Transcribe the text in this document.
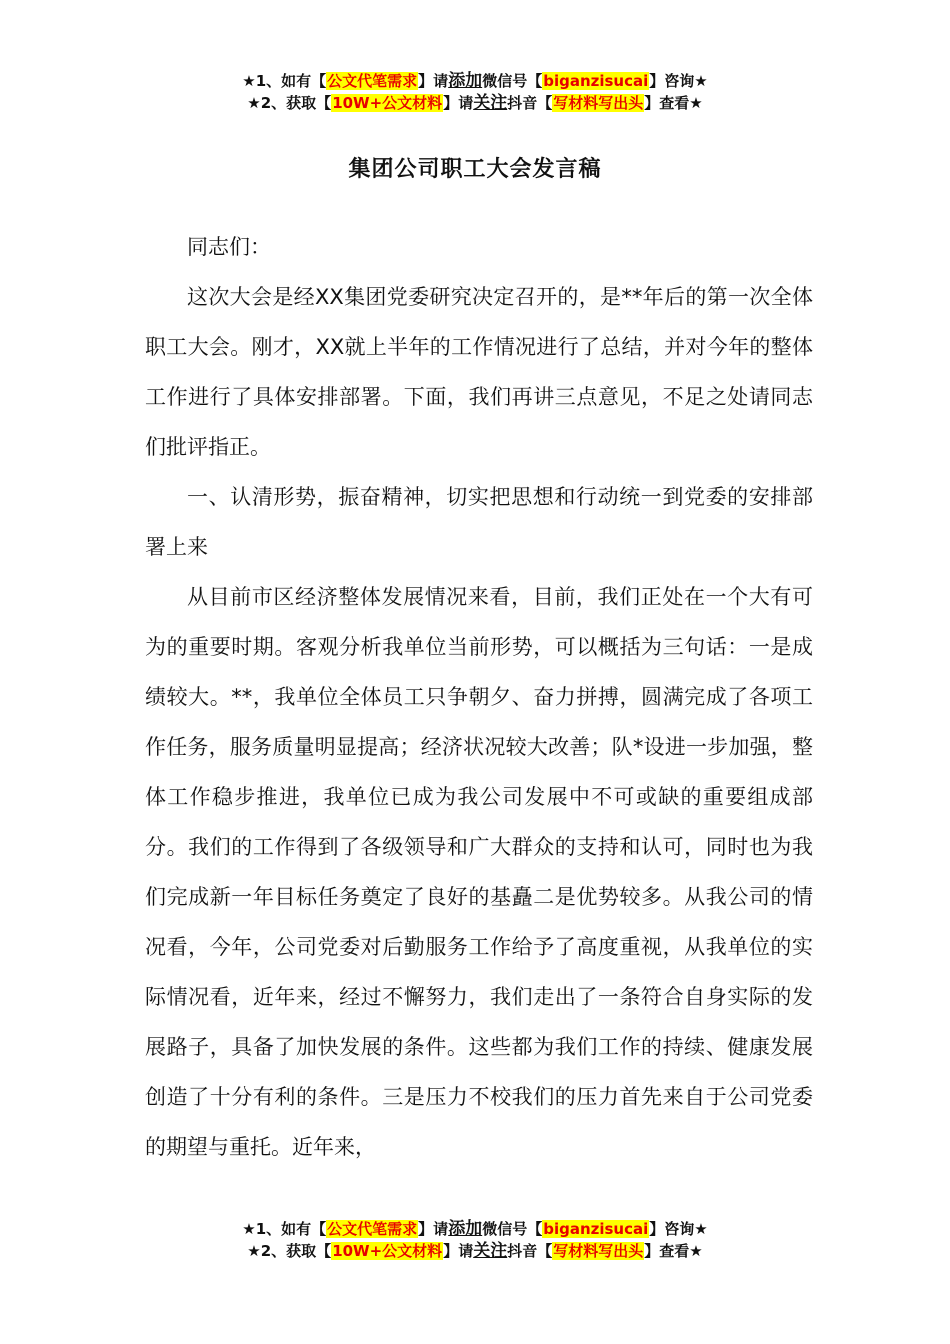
★1、如有【公文代笔需求】请添加微信号【biganzisucai】咨询★
★2、获取【10W+公文材料】请关注抖音【写材料写出头】查看★
集团公司职工大会发言稿

同志们：

这次大会是经XX集团党委研究决定召开的，是**年后的第一次全体职工大会。刚才，XX就上半年的工作情况进行了总结，并对今年的整体工作进行了具体安排部署。下面，我们再讲三点意见，不足之处请同志们批评指正。

一、认清形势，振奋精神，切实把思想和行动统一到党委的安排部署上来

从目前市区经济整体发展情况来看，目前，我们正处在一个大有可为的重要时期。客观分析我单位当前形势，可以概括为三句话：一是成绩较大。**，我单位全体员工只争朝夕、奋力拼搏，圆满完成了各项工作任务，服务质量明显提高；经济状况较大改善；队*设进一步加强，整体工作稳步推进，我单位已成为我公司发展中不可或缺的重要组成部分。我们的工作得到了各级领导和广大群众的支持和认可，同时也为我们完成新一年目标任务奠定了良好的基矗二是优势较多。从我公司的情况看，今年，公司党委对后勤服务工作给予了高度重视，从我单位的实际情况看，近年来，经过不懈努力，我们走出了一条符合自身实际的发展路子，具备了加快发展的条件。这些都为我们工作的持续、健康发展创造了十分有利的条件。三是压力不校我们的压力首先来自于公司党委的期望与重托。近年来，

★1、如有【公文代笔需求】请添加微信号【biganzisucai】咨询★
★2、获取【10W+公文材料】请关注抖音【写材料写出头】查看★
